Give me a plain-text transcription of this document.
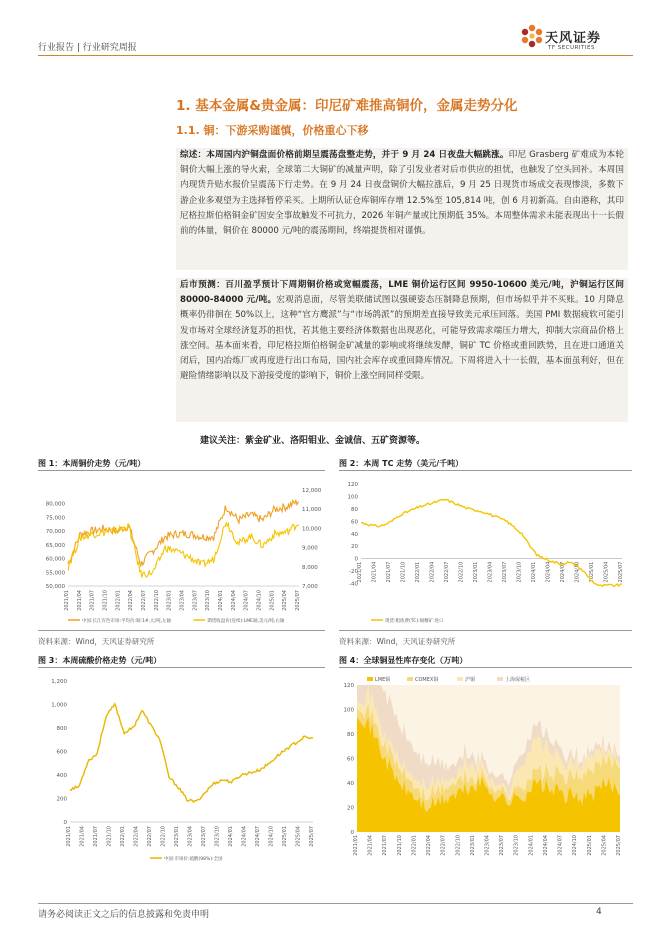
行业报告 | 行业研究周报
天风证券
TF SECURITIES
1. 基本金属&贵金属：印尼矿难推高铜价，金属走势分化
1.1. 铜：下游采购谨慎，价格重心下移
综述：本周国内沪铜盘面价格前期呈震荡盘整走势，并于 9 月 24 日夜盘大幅跳涨。印尼 Grasberg 矿难成为本轮铜价大幅上涨的导火索，全球第二大铜矿的减量声明，除了引发业者对后市供应的担忧，也触发了空头回补。本周国内现货升贴水报价呈震荡下行走势。在 9 月 24 日夜盘铜价大幅拉涨后，9 月 25 日现货市场成交表现惨淡，多数下游企业多观望为主选择暂停采买。上期所认证仓库铜库存增 12.5%至 105,814 吨，创 6 月初新高。自由港称，其印尼格拉斯伯格铜金矿因安全事故触发不可抗力，2026 年铜产量或比预期低 35%。本周整体需求未能表现出十一长假前的体量，铜价在 80000 元/吨的震荡期间，终端提货相对谨慎。
后市预测：百川盈孚预计下周期铜价格或宽幅震荡，LME 铜价运行区间 9950-10600 美元/吨，沪铜运行区间 80000-84000 元/吨。宏观消息面，尽管美联储试图以强硬姿态压制降息预期，但市场似乎并不买账。10 月降息概率仍徘徊在 50%以上，这种“官方鹰派”与“市场鸽派”的预期差直接导致美元承压回落。美国 PMI 数据疲软可能引发市场对全球经济复苏的担忧，若其他主要经济体数据也出现恶化，可能导致需求端压力增大，抑制大宗商品价格上涨空间。基本面来看，印尼格拉斯伯格铜金矿减量的影响或将继续发酵，铜矿 TC 价格或重回跌势，且在进口通道关闭后，国内冶炼厂或再度进行出口布局，国内社会库存或重回降库情况。下周将进入十一长假，基本面虽利好，但在避险情绪影响以及下游接受度的影响下，铜价上涨空间同样受限。
建议关注：紫金矿业、洛阳钼业、金诚信、五矿资源等。
图 1：本周铜价走势（元/吨）	图 2：本周 TC 走势（美元/千吨）
50,000
55,000
60,000
65,000
70,000
75,000
80,000
7,000
8,000
9,000
10,000
11,000
12,000
2021/01 2021/04 2021/07 2021/10 2022/01 2022/04 2022/07 2022/10 2023/01 2023/04 2023/07 2023/10 2024/01 2024/04 2024/07 2024/10 2025/01 2025/04 2025/07
中国:长江有色市场:平均价:铜:1#,元/吨,左轴	期货收盘价(连续):LME铜,美元/吨,右轴
120
100
80
60
40
20
0
-20
-40
2021/01 2021/04 2021/07 2021/10 2022/01 2022/04 2022/07 2022/10 2023/01 2023/04 2023/07 2023/10 2024/01 2024/04 2024/07 2024/10 2025/01 2025/04 2025/07
现货:粗炼费(TC):铜精矿:进口
资料来源：Wind，天风证券研究所	资料来源：Wind，天风证券研究所
图 3：本周硫酸价格走势（元/吨）	图 4：全球铜显性库存变化（万吨）
0
200
400
600
800
1,000
1,200
2021/01 2021/04 2021/07 2021/10 2022/01 2022/04 2022/07 2022/10 2023/01 2023/04 2023/07 2023/10 2024/01 2024/04 2024/07 2024/10 2025/01 2025/04 2025/07
中国:市场价:硫酸(98%):全国
0
20
40
60
80
100
120
2021/01 2021/04 2021/07 2021/10 2022/01 2022/04 2022/07 2022/10 2023/01 2023/04 2023/07 2023/10 2024/01 2024/04 2024/07 2024/10 2025/01 2025/04 2025/07
LME铜	COMEX铜	沪铜	上海保税区
请务必阅读正文之后的信息披露和免责申明	4
